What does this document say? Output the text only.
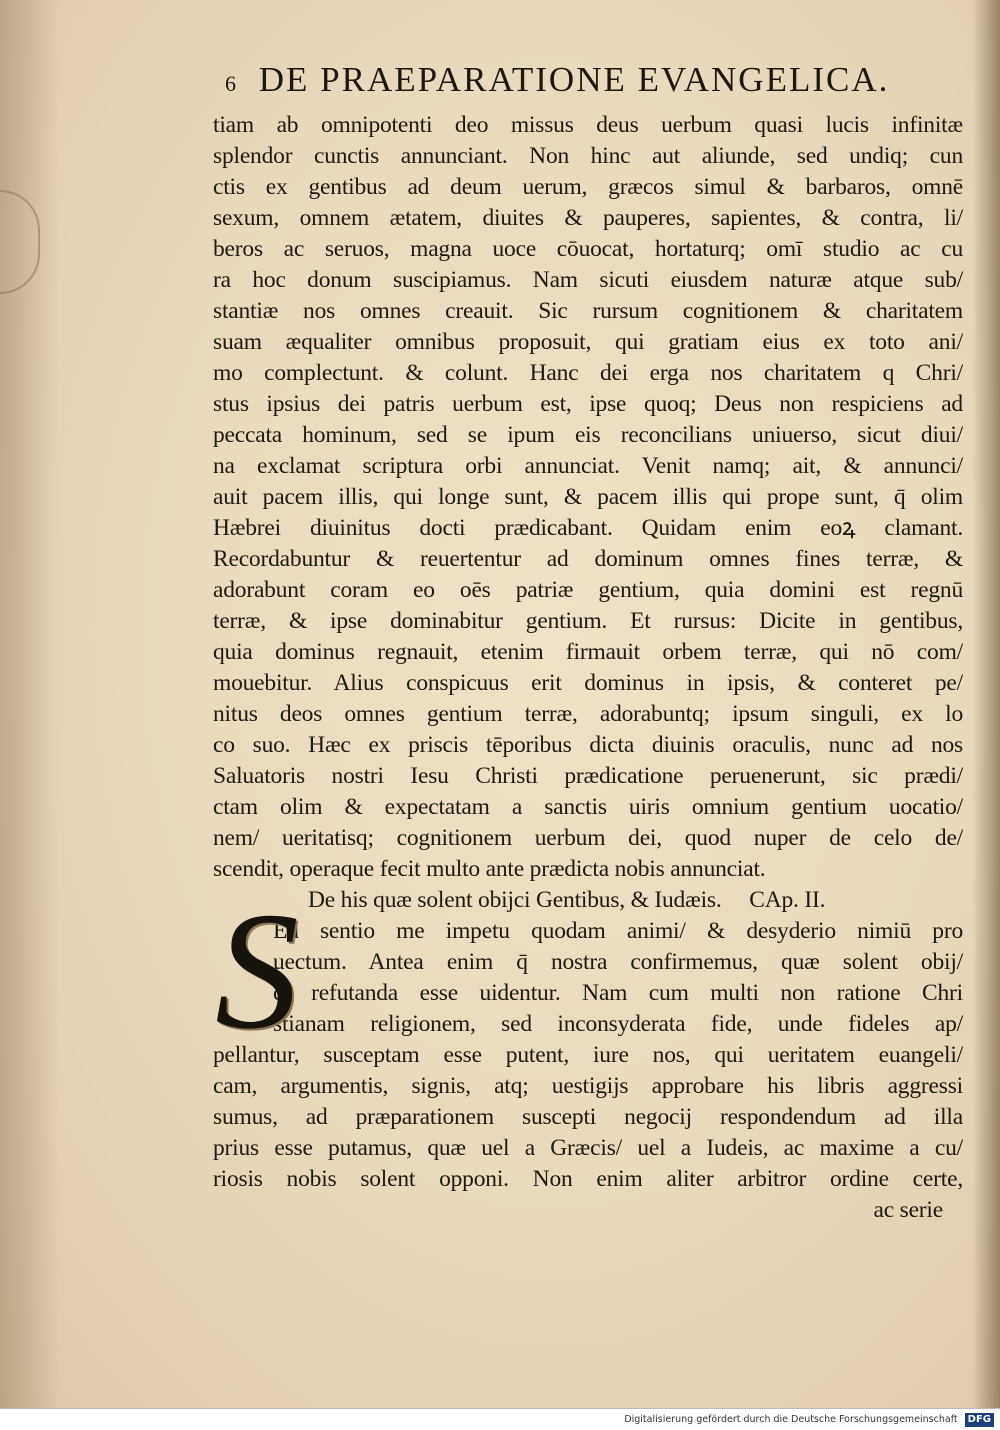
6 DE PRAEPARATIONE EVANGELICA.
tiam ab omnipotenti deo missus deus uerbum quasi lucis infinitæ
splendor cunctis annunciant. Non hinc aut aliunde, sed undiq; cun
ctis ex gentibus ad deum uerum, græcos simul & barbaros, omnē
sexum, omnem ætatem, diuites & pauperes, sapientes, & contra, li/
beros ac seruos, magna uoce cōuocat, hortaturq; omī studio ac cu
ra hoc donum suscipiamus. Nam sicuti eiusdem naturæ atque sub/
stantiæ nos omnes creauit. Sic rursum cognitionem & charitatem
suam æqualiter omnibus proposuit, qui gratiam eius ex toto ani/
mo complectunt. & colunt. Hanc dei erga nos charitatem q Chri/
stus ipsius dei patris uerbum est, ipse quoq; Deus non respiciens ad
peccata hominum, sed se ipum eis reconcilians uniuerso, sicut diui/
na exclamat scriptura orbi annunciat. Venit namq; ait, & annunci/
auit pacem illis, qui longe sunt, & pacem illis qui prope sunt, q̄ olim
Hæbrei diuinitus docti prædicabant. Quidam enim eoꝝ clamant.
Recordabuntur & reuertentur ad dominum omnes fines terræ, &
adorabunt coram eo oēs patriæ gentium, quia domini est regnū
terræ, & ipse dominabitur gentium. Et rursus: Dicite in gentibus,
quia dominus regnauit, etenim firmauit orbem terræ, qui nō com/
mouebitur. Alius conspicuus erit dominus in ipsis, & conteret pe/
nitus deos omnes gentium terræ, adorabuntq; ipsum singuli, ex lo
co suo. Hæc ex priscis tēporibus dicta diuinis oraculis, nunc ad nos
Saluatoris nostri Iesu Christi prædicatione peruenerunt, sic prædi/
ctam olim & expectatam a sanctis uiris omnium gentium uocatio/
nem/ ueritatisq; cognitionem uerbum dei, quod nuper de celo de/
scendit, operaque fecit multo ante prædicta nobis annunciat.
De his quæ solent obijci Gentibus, & Iudæis. CAp. II.
Ed sentio me impetu quodam animi/ & desyderio nimiū pro
uectum. Antea enim q̄ nostra confirmemus, quæ solent obij/
ci refutanda esse uidentur. Nam cum multi non ratione Chri
stianam religionem, sed inconsyderata fide, unde fideles ap/
pellantur, susceptam esse putent, iure nos, qui ueritatem euangeli/
cam, argumentis, signis, atq; uestigijs approbare his libris aggressi
sumus, ad præparationem suscepti negocij respondendum ad illa
prius esse putamus, quæ uel a Græcis/ uel a Iudeis, ac maxime a cu/
riosis nobis solent opponi. Non enim aliter arbitror ordine certe,
ac serie
S
Digitalisierung gefördert durch die Deutsche Forschungsgemeinschaft DFG
